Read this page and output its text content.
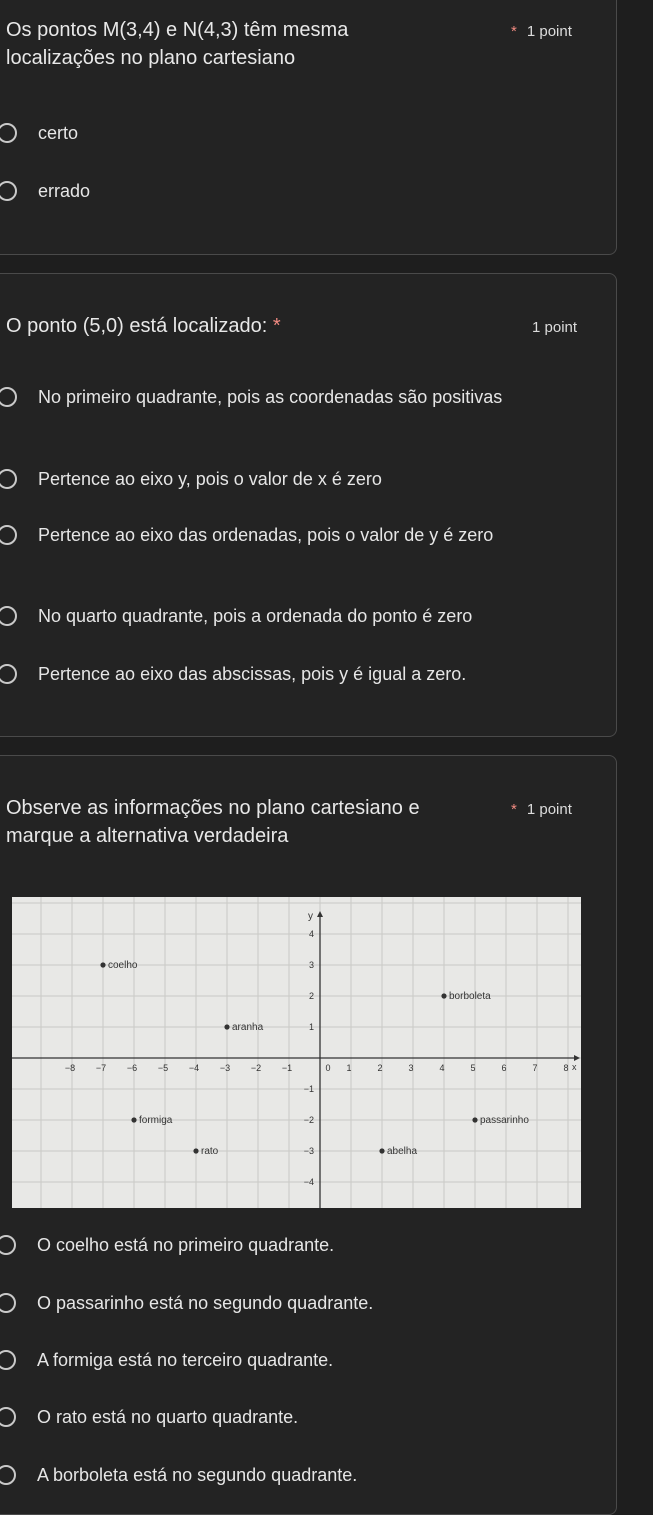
Os pontos M(3,4) e N(4,3) têm mesma
localizações no plano cartesiano
* 1 point
certo
errado
O ponto (5,0) está localizado: *	1 point
No primeiro quadrante, pois as coordenadas são positivas
Pertence ao eixo y, pois o valor de x é zero
Pertence ao eixo das ordenadas, pois o valor de y é zero
No quarto quadrante, pois a ordenada do ponto é zero
Pertence ao eixo das abscissas, pois y é igual a zero.
Observe as informações no plano cartesiano e
marque a alternativa verdadeira
* 1 point
x
y
−8 −7 −6 −5 −4 −3 −2 −1	0 1	2	3	4	5	6	7	8
4
3
2
1
−1
−2
−3
−4
coelho
borboleta
aranha
formiga	passarinho
rato	abelha
O coelho está no primeiro quadrante.
O passarinho está no segundo quadrante.
A formiga está no terceiro quadrante.
O rato está no quarto quadrante.
A borboleta está no segundo quadrante.
